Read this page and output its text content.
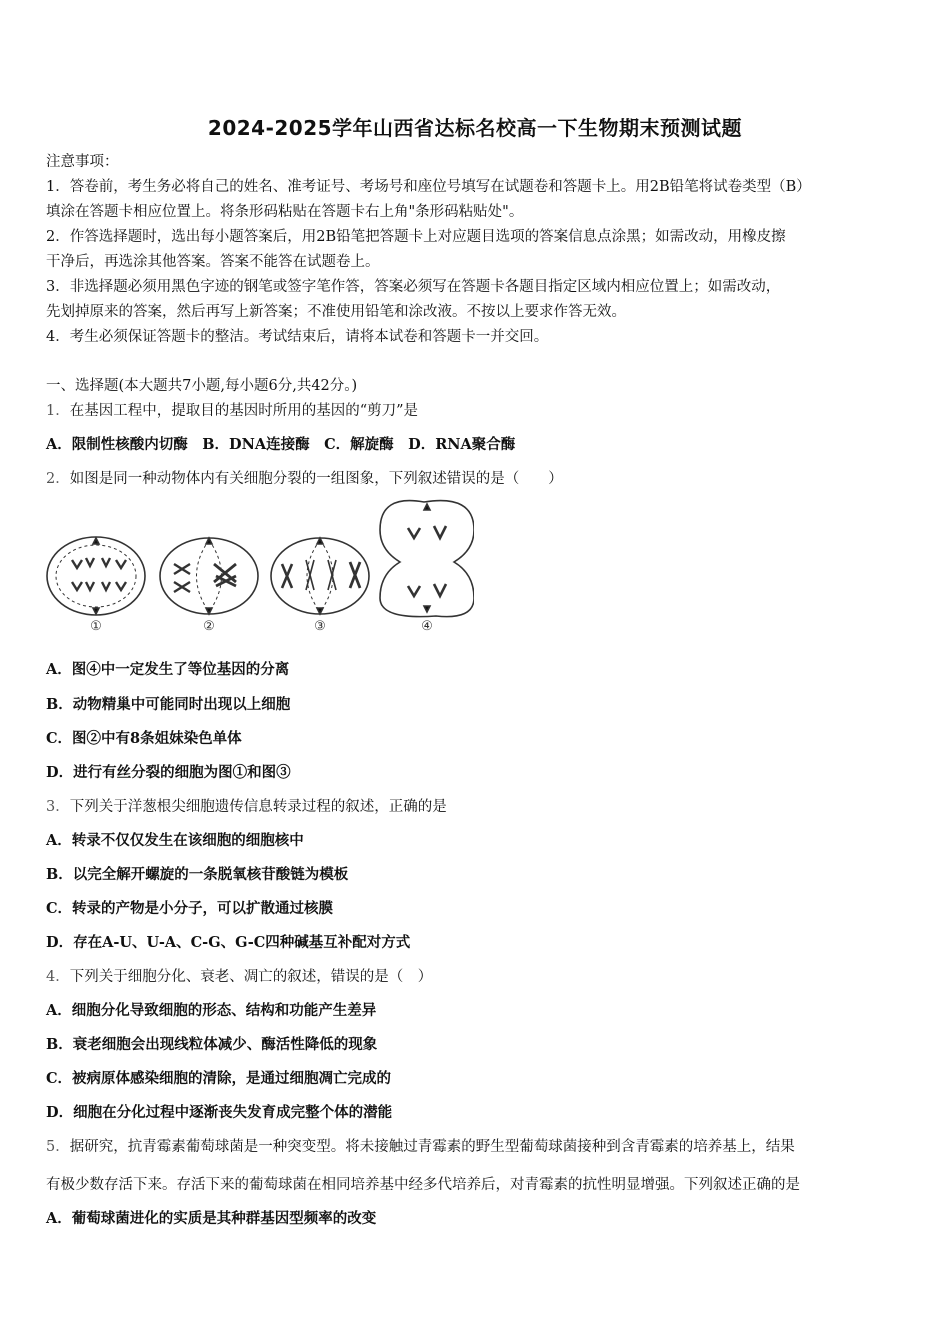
2024-2025学年山西省达标名校高一下生物期末预测试题
注意事项：
1．答卷前，考生务必将自己的姓名、准考证号、考场号和座位号填写在试题卷和答题卡上。用2B铅笔将试卷类型（B）
填涂在答题卡相应位置上。将条形码粘贴在答题卡右上角"条形码粘贴处"。
2．作答选择题时，选出每小题答案后，用2B铅笔把答题卡上对应题目选项的答案信息点涂黑；如需改动，用橡皮擦
干净后，再选涂其他答案。答案不能答在试题卷上。
3．非选择题必须用黑色字迹的钢笔或签字笔作答，答案必须写在答题卡各题目指定区域内相应位置上；如需改动，
先划掉原来的答案，然后再写上新答案；不准使用铅笔和涂改液。不按以上要求作答无效。
4．考生必须保证答题卡的整洁。考试结束后，请将本试卷和答题卡一并交回。
一、选择题(本大题共7小题,每小题6分,共42分。)
1．在基因工程中，提取目的基因时所用的基因的“剪刀”是
A．限制性核酸内切酶　B．DNA连接酶　C．解旋酶　D．RNA聚合酶
2．如图是同一种动物体内有关细胞分裂的一组图象，下列叙述错误的是（　　）
①	②	③	④
A．图④中一定发生了等位基因的分离
B．动物精巢中可能同时出现以上细胞
C．图②中有8条姐妹染色单体
D．进行有丝分裂的细胞为图①和图③
3．下列关于洋葱根尖细胞遗传信息转录过程的叙述，正确的是
A．转录不仅仅发生在该细胞的细胞核中
B．以完全解开螺旋的一条脱氧核苷酸链为模板
C．转录的产物是小分子，可以扩散通过核膜
D．存在A-U、U-A、C-G、G-C四种碱基互补配对方式
4．下列关于细胞分化、衰老、凋亡的叙述，错误的是（　）
A．细胞分化导致细胞的形态、结构和功能产生差异
B．衰老细胞会出现线粒体减少、酶活性降低的现象
C．被病原体感染细胞的清除，是通过细胞凋亡完成的
D．细胞在分化过程中逐渐丧失发育成完整个体的潜能
5．据研究，抗青霉素葡萄球菌是一种突变型。将未接触过青霉素的野生型葡萄球菌接种到含青霉素的培养基上，结果
有极少数存活下来。存活下来的葡萄球菌在相同培养基中经多代培养后，对青霉素的抗性明显增强。下列叙述正确的是
A．葡萄球菌进化的实质是其种群基因型频率的改变
